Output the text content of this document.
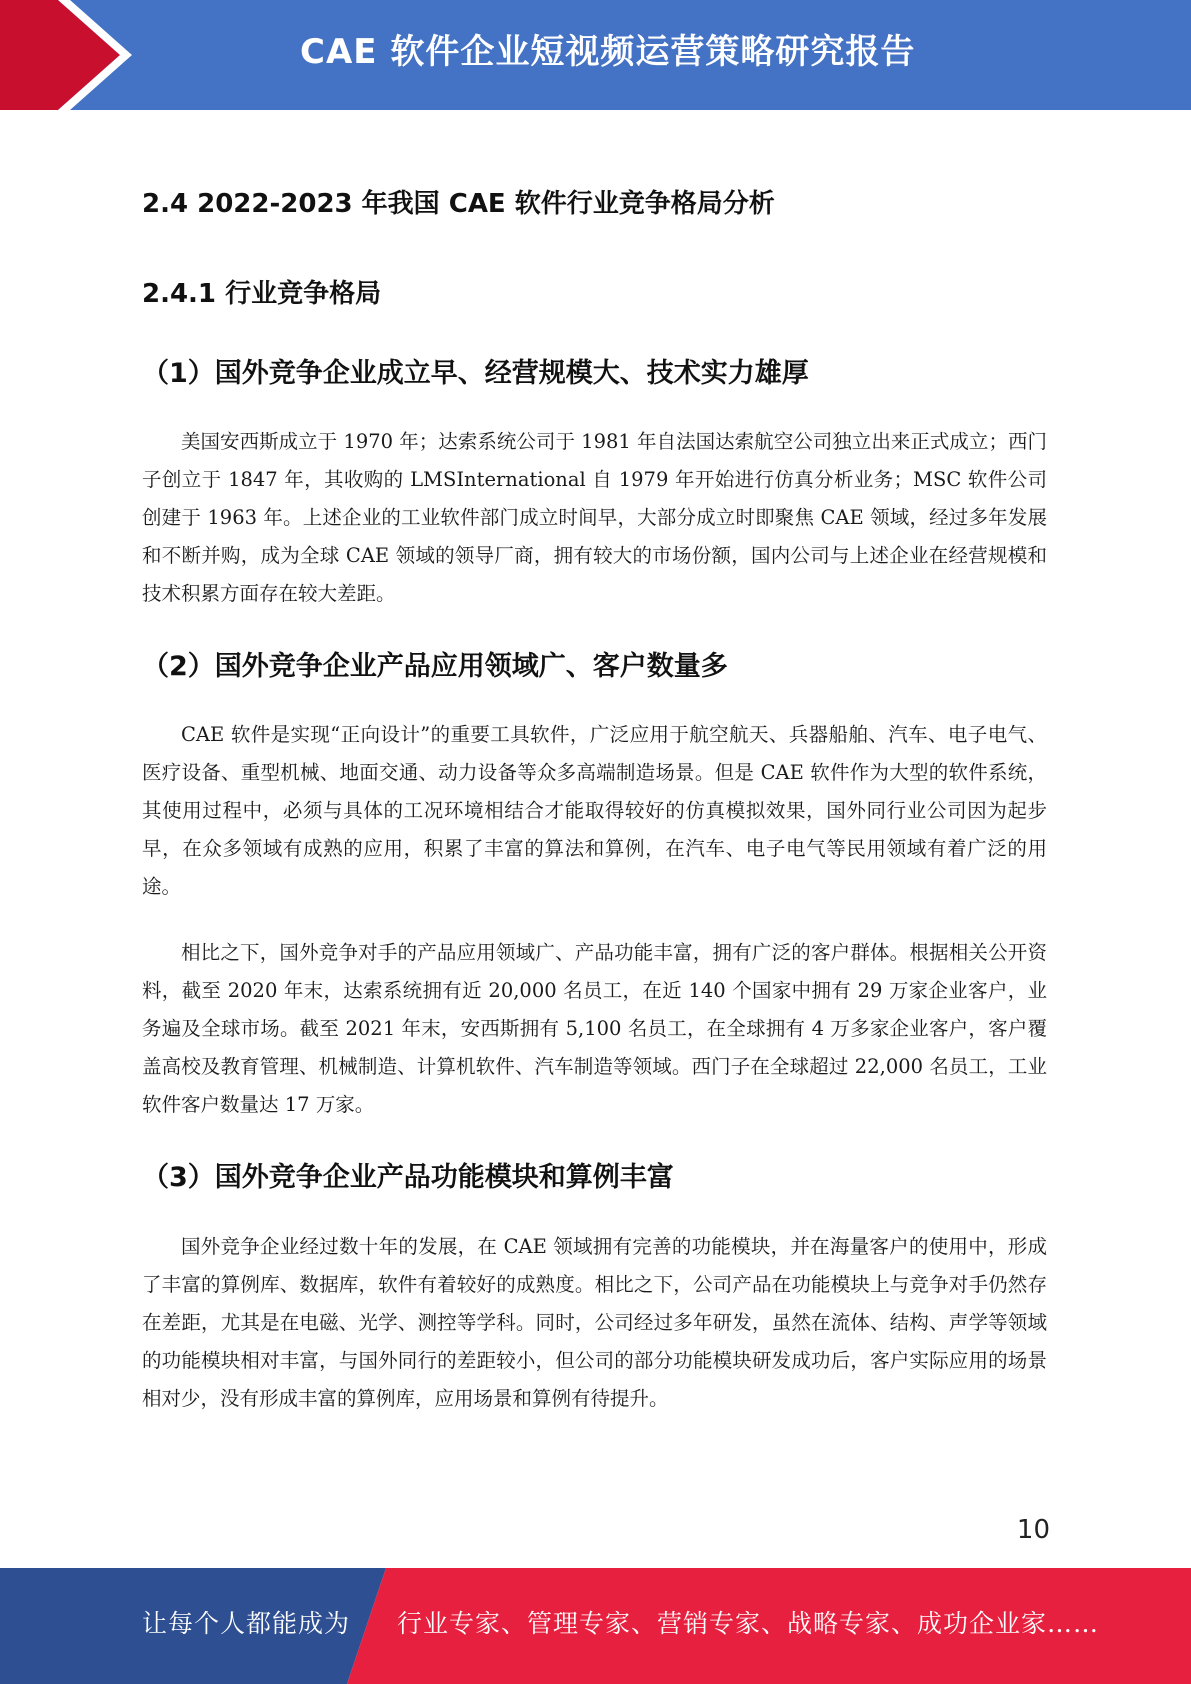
CAE 软件企业短视频运营策略研究报告
2.4 2022-2023 年我国 CAE 软件行业竞争格局分析
2.4.1 行业竞争格局
（1）国外竞争企业成立早、经营规模大、技术实力雄厚

美国安西斯成立于 1970 年；达索系统公司于 1981 年自法国达索航空公司独立出来正式成立；西门子创立于 1847 年，其收购的 LMSInternational 自 1979 年开始进行仿真分析业务；MSC 软件公司创建于 1963 年。上述企业的工业软件部门成立时间早，大部分成立时即聚焦 CAE 领域，经过多年发展和不断并购，成为全球 CAE 领域的领导厂商，拥有较大的市场份额，国内公司与上述企业在经营规模和技术积累方面存在较大差距。

（2）国外竞争企业产品应用领域广、客户数量多

CAE 软件是实现“正向设计”的重要工具软件，广泛应用于航空航天、兵器船舶、汽车、电子电气、医疗设备、重型机械、地面交通、动力设备等众多高端制造场景。但是 CAE 软件作为大型的软件系统，其使用过程中，必须与具体的工况环境相结合才能取得较好的仿真模拟效果，国外同行业公司因为起步早，在众多领域有成熟的应用，积累了丰富的算法和算例，在汽车、电子电气等民用领域有着广泛的用途。

相比之下，国外竞争对手的产品应用领域广、产品功能丰富，拥有广泛的客户群体。根据相关公开资料，截至 2020 年末，达索系统拥有近 20,000 名员工，在近 140 个国家中拥有 29 万家企业客户，业务遍及全球市场。截至 2021 年末，安西斯拥有 5,100 名员工，在全球拥有 4 万多家企业客户，客户覆盖高校及教育管理、机械制造、计算机软件、汽车制造等领域。西门子在全球超过 22,000 名员工，工业软件客户数量达 17 万家。

（3）国外竞争企业产品功能模块和算例丰富

国外竞争企业经过数十年的发展，在 CAE 领域拥有完善的功能模块，并在海量客户的使用中，形成了丰富的算例库、数据库，软件有着较好的成熟度。相比之下，公司产品在功能模块上与竞争对手仍然存在差距，尤其是在电磁、光学、测控等学科。同时，公司经过多年研发，虽然在流体、结构、声学等领域的功能模块相对丰富，与国外同行的差距较小，但公司的部分功能模块研发成功后，客户实际应用的场景相对少，没有形成丰富的算例库，应用场景和算例有待提升。

10
让每个人都能成为 行业专家、管理专家、营销专家、战略专家、成功企业家……
